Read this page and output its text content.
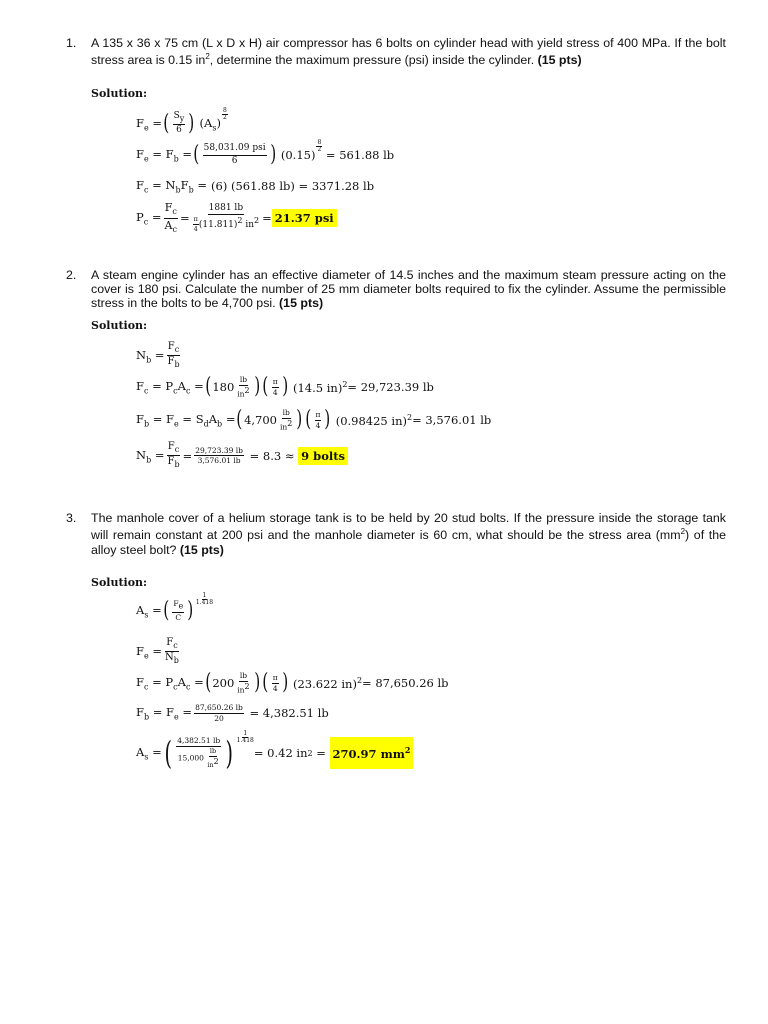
1. A 135 x 36 x 75 cm (L x D x H) air compressor has 6 bolts on cylinder head with yield stress of 400 MPa. If the bolt stress area is 0.15 $in^2$, determine the maximum pressure (psi) inside the cylinder. (15 pts)
Solution:
$F_e$ = ( $\frac{S_y}{6}$ ) $(A_s)$
8
2
$F_e = F_b$ = ( $\frac{\text{58,031.09 psi}}{6}$ ) (0.15)
8
2
= 561.88 lb
$F_c = N_bF_b = (6)$ (561.88 lb) = 3371.28 lb
$P_c = \frac{F_c}{A_c} = \frac{1881 lb}{\frac{\pi}{4} (11.811)^2 in^2} = 21.37$ psi
2. A steam engine cylinder has an effective diameter of 14.5 inches and the maximum steam pressure acting on the cover is 180 psi. Calculate the number of 25 mm diameter bolts required to fix the cylinder. Assume the permissible stress in the bolts to be 4,700 psi. (15 pts)
Solution:
$N_b = \frac{F_c}{F_b}$
$F_c = P_cA_c$ = ( $180 \frac{lb}{in^2}$ ) ( $\frac{\pi}{4}$ ) (14.5 in)$^2$ = 29,723.39 lb
$F_b = F_e = S_dA_b$ = ( $4,700 \frac{lb}{in^2}$ ) ( $\frac{\pi}{4}$ ) (0.98425 in)$^2$ = 3,576.01 lb
$N_b = \frac{F_c}{F_b} = \frac{29,723.39 lb}{3,576.01 lb}$
= 8.3 ≈
9 bolts
3. The manhole cover of a helium storage tank is to be held by 20 stud bolts. If the pressure inside the storage tank will remain constant at 200 psi and the manhole diameter is 60 cm, what should be the stress area $(mm^2)$ of the alloy steel bolt? (15 pts)
Solution:
$A_s$ = ( $\frac{F_e}{C}$ )
1
1.418
$F_e = \frac{F_c}{N_b}$
$F_c = P_cA_c$ = ( $200 \frac{lb}{in^2}$ ) ( $\frac{\pi}{4}$ ) (23.622 in)$^2$ = 87,650.26 lb
$F_b = F_e = \frac{87,650.26 lb}{20}$
= 4,382.51 lb
$A_s$ = ( $\frac{4,382.51 lb}{15,000 \frac{lb}{in^2}}$ ) $\frac{1}{1.418}$
= 0.42 in 2 = 270.97 $mm^2$
